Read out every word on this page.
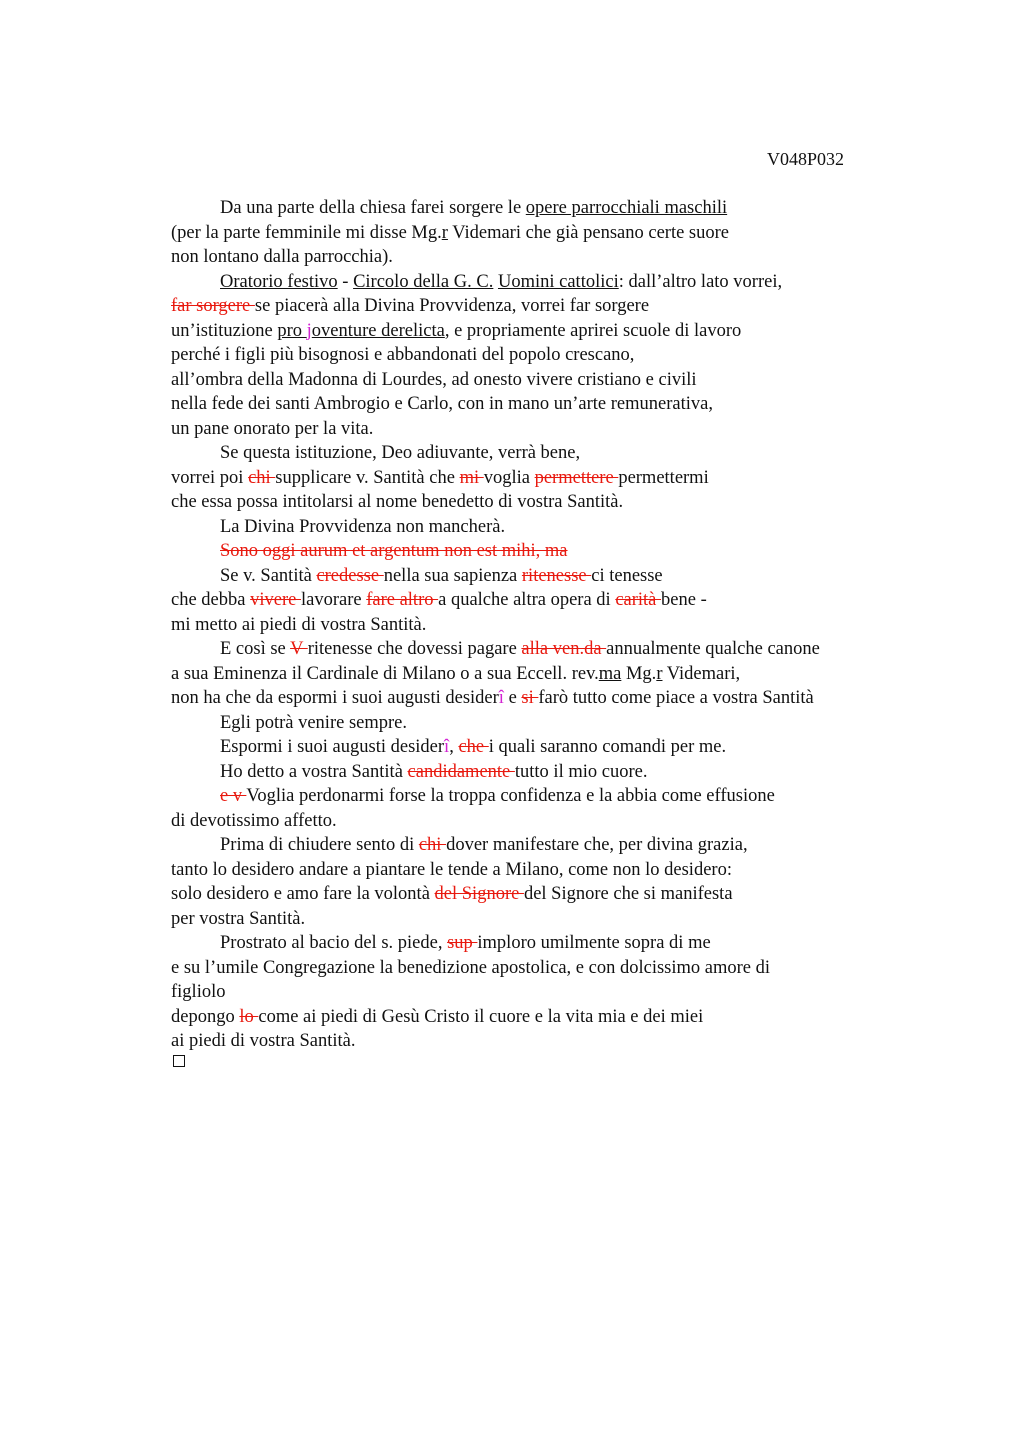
V048P032
Da una parte della chiesa farei sorgere le opere parrocchiali maschili
(per la parte femminile mi disse Mg.r Videmari che già pensano certe suore
non lontano dalla parrocchia).
Oratorio festivo - Circolo della G. C. Uomini cattolici: dall’altro lato vorrei,
far sorgere se piacerà alla Divina Provvidenza, vorrei far sorgere
un’istituzione pro joventure derelicta, e propriamente aprirei scuole di lavoro
perché i figli più bisognosi e abbandonati del popolo crescano,
all’ombra della Madonna di Lourdes, ad onesto vivere cristiano e civili
nella fede dei santi Ambrogio e Carlo, con in mano un’arte remunerativa,
un pane onorato per la vita.
Se questa istituzione, Deo adiuvante, verrà bene,
vorrei poi chi supplicare v. Santità che mi voglia permettere permettermi
che essa possa intitolarsi al nome benedetto di vostra Santità.
La Divina Provvidenza non mancherà.
Sono oggi aurum et argentum non est mihi, ma
Se v. Santità credesse nella sua sapienza ritenesse ci tenesse
che debba vivere lavorare fare altro a qualche altra opera di carità bene -
mi metto ai piedi di vostra Santità.
E così se V ritenesse che dovessi pagare alla ven.da annualmente qualche canone
a sua Eminenza il Cardinale di Milano o a sua Eccell. rev.ma Mg.r Videmari,
non ha che da espormi i suoi augusti desiderî e si farò tutto come piace a vostra Santità
Egli potrà venire sempre.
Espormi i suoi augusti desiderî, che i quali saranno comandi per me.
Ho detto a vostra Santità candidamente tutto il mio cuore.
e v Voglia perdonarmi forse la troppa confidenza e la abbia come effusione
di devotissimo affetto.
Prima di chiudere sento di chi dover manifestare che, per divina grazia,
tanto lo desidero andare a piantare le tende a Milano, come non lo desidero:
solo desidero e amo fare la volontà del Signore del Signore che si manifesta
per vostra Santità.
Prostrato al bacio del s. piede, sup imploro umilmente sopra di me
e su l’umile Congregazione la benedizione apostolica, e con dolcissimo amore di
figliolo
depongo lo come ai piedi di Gesù Cristo il cuore e la vita mia e dei miei
ai piedi di vostra Santità.
